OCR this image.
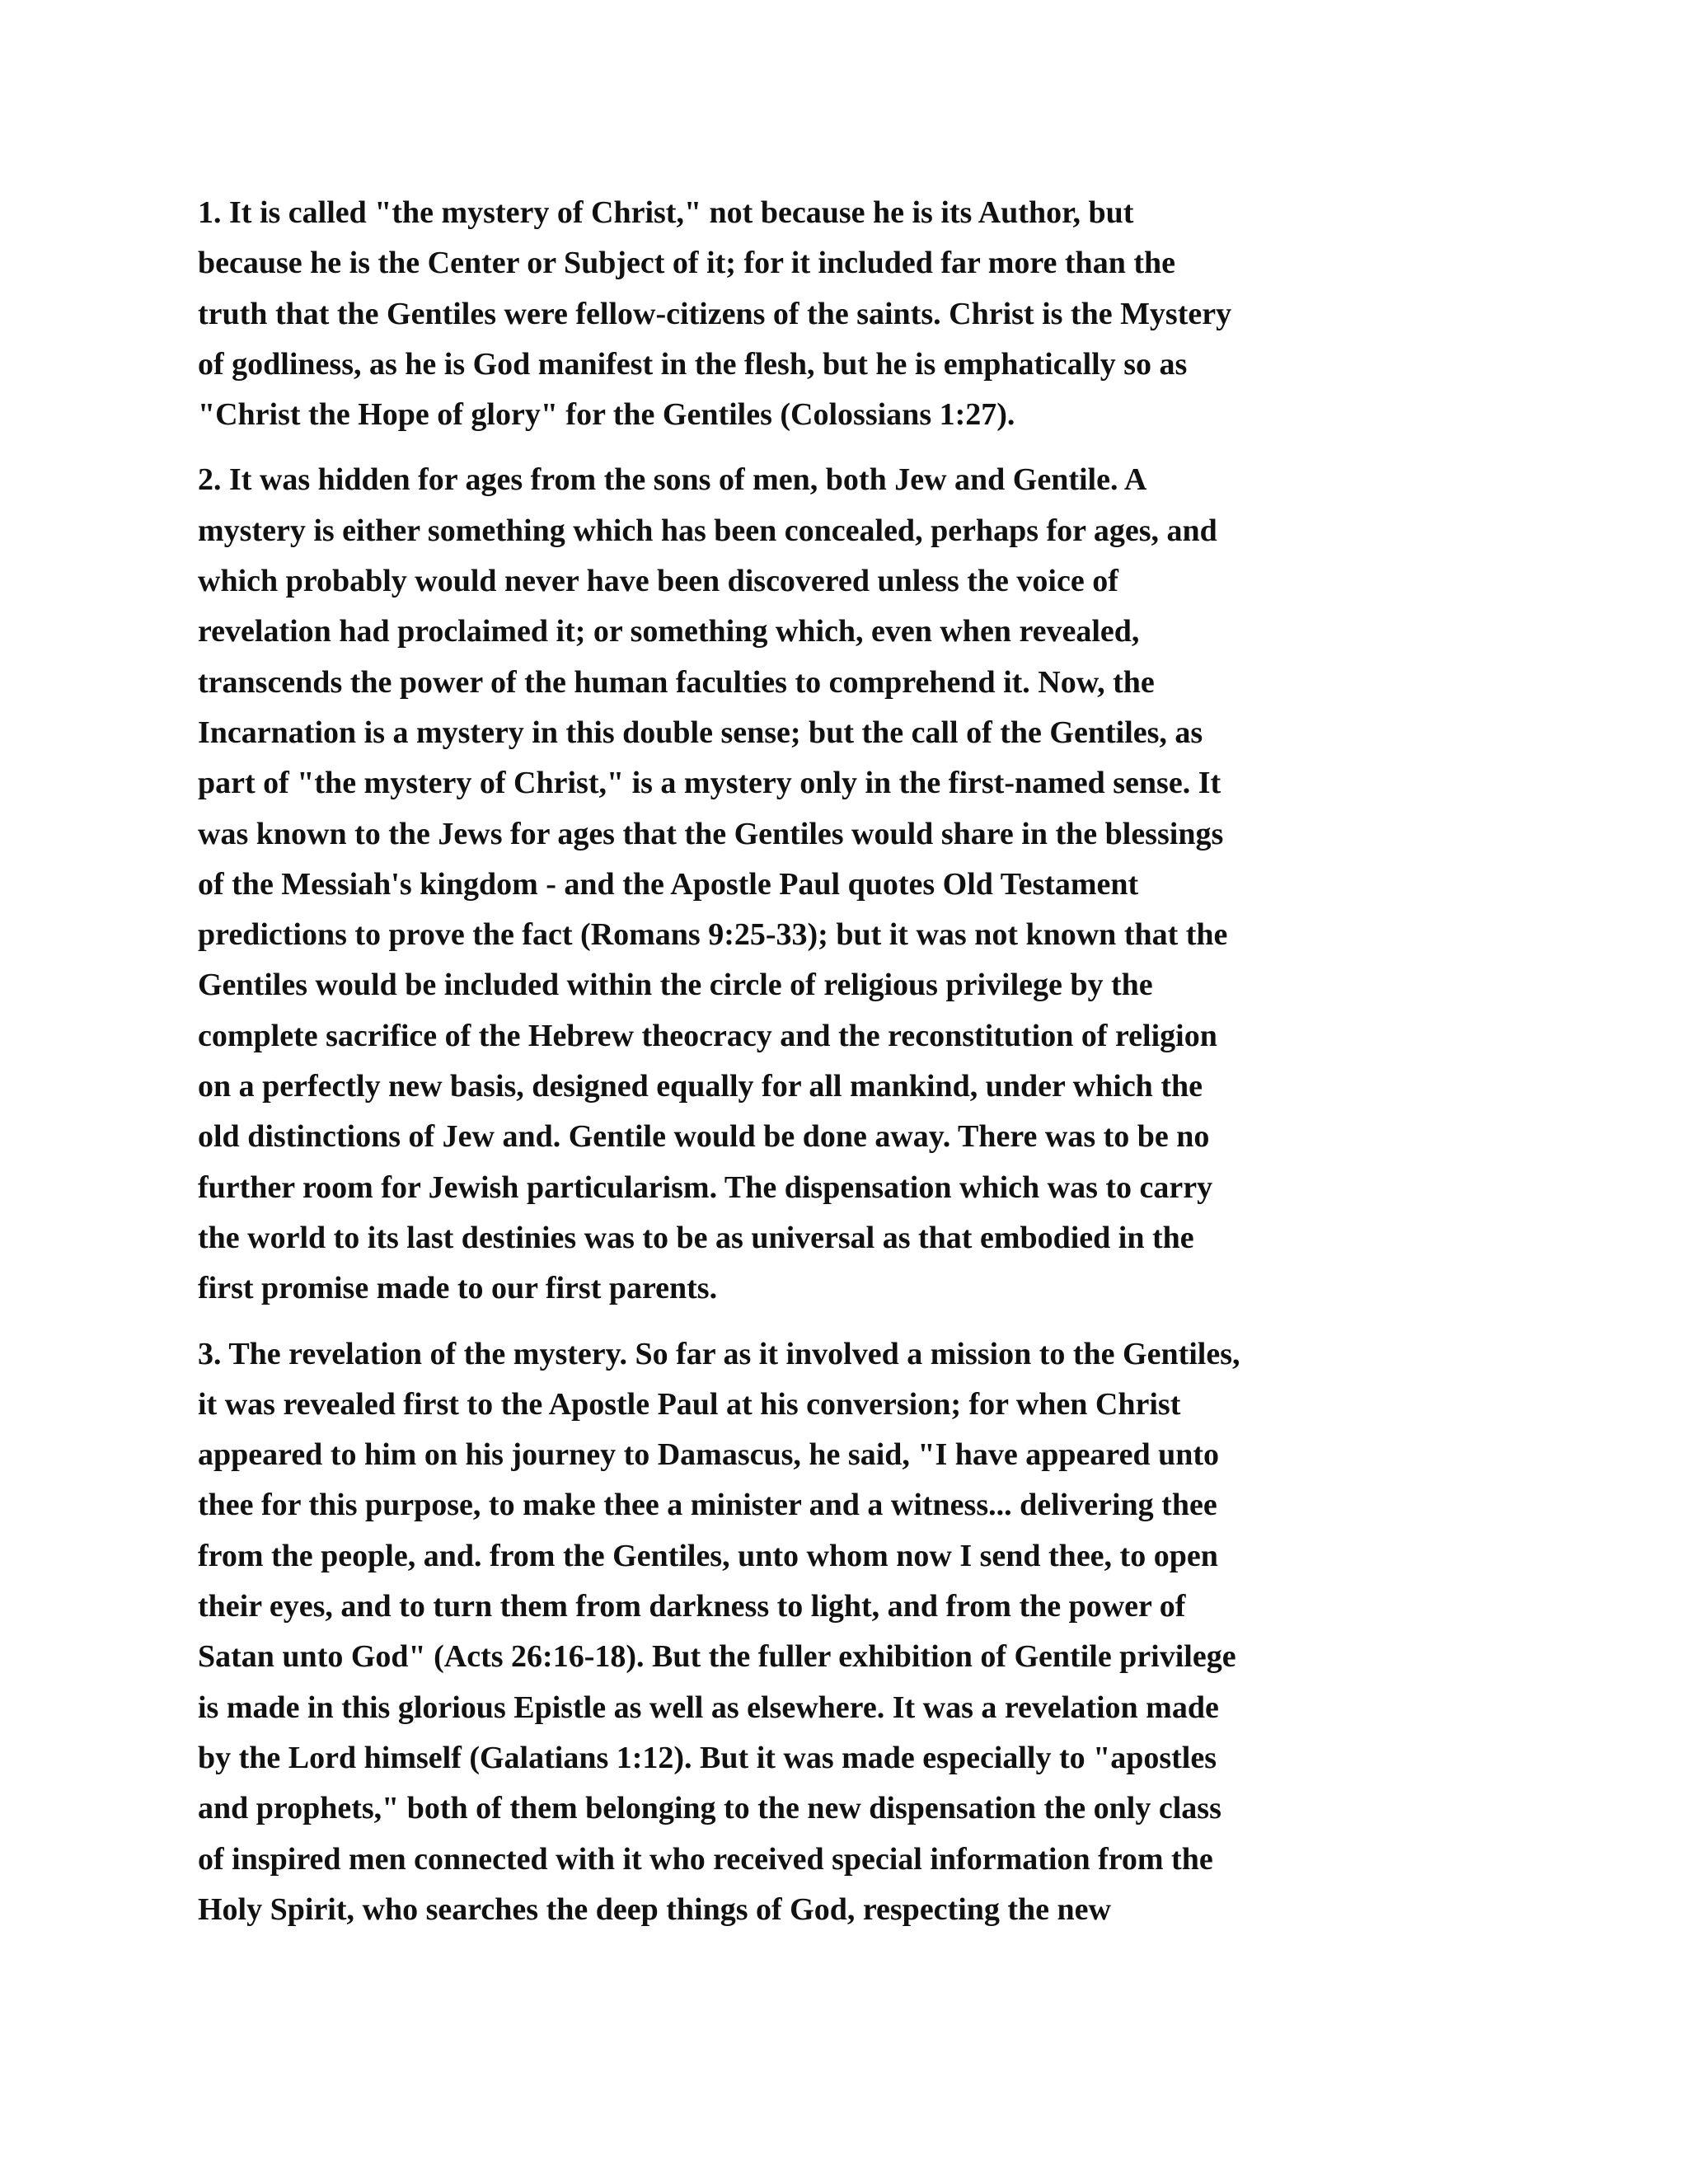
1. It is called "the mystery of Christ," not because he is its Author, but
because he is the Center or Subject of it; for it included far more than the
truth that the Gentiles were fellow-citizens of the saints. Christ is the Mystery
of godliness, as he is God manifest in the flesh, but he is emphatically so as
"Christ the Hope of glory" for the Gentiles (Colossians 1:27).

2. It was hidden for ages from the sons of men, both Jew and Gentile. A
mystery is either something which has been concealed, perhaps for ages, and
which probably would never have been discovered unless the voice of
revelation had proclaimed it; or something which, even when revealed,
transcends the power of the human faculties to comprehend it. Now, the
Incarnation is a mystery in this double sense; but the call of the Gentiles, as
part of "the mystery of Christ," is a mystery only in the first-named sense. It
was known to the Jews for ages that the Gentiles would share in the blessings
of the Messiah's kingdom - and the Apostle Paul quotes Old Testament
predictions to prove the fact (Romans 9:25-33); but it was not known that the
Gentiles would be included within the circle of religious privilege by the
complete sacrifice of the Hebrew theocracy and the reconstitution of religion
on a perfectly new basis, designed equally for all mankind, under which the
old distinctions of Jew and. Gentile would be done away. There was to be no
further room for Jewish particularism. The dispensation which was to carry
the world to its last destinies was to be as universal as that embodied in the
first promise made to our first parents.

3. The revelation of the mystery. So far as it involved a mission to the Gentiles,
it was revealed first to the Apostle Paul at his conversion; for when Christ
appeared to him on his journey to Damascus, he said, "I have appeared unto
thee for this purpose, to make thee a minister and a witness... delivering thee
from the people, and. from the Gentiles, unto whom now I send thee, to open
their eyes, and to turn them from darkness to light, and from the power of
Satan unto God" (Acts 26:16-18). But the fuller exhibition of Gentile privilege
is made in this glorious Epistle as well as elsewhere. It was a revelation made
by the Lord himself (Galatians 1:12). But it was made especially to "apostles
and prophets," both of them belonging to the new dispensation the only class
of inspired men connected with it who received special information from the
Holy Spirit, who searches the deep things of God, respecting the new
